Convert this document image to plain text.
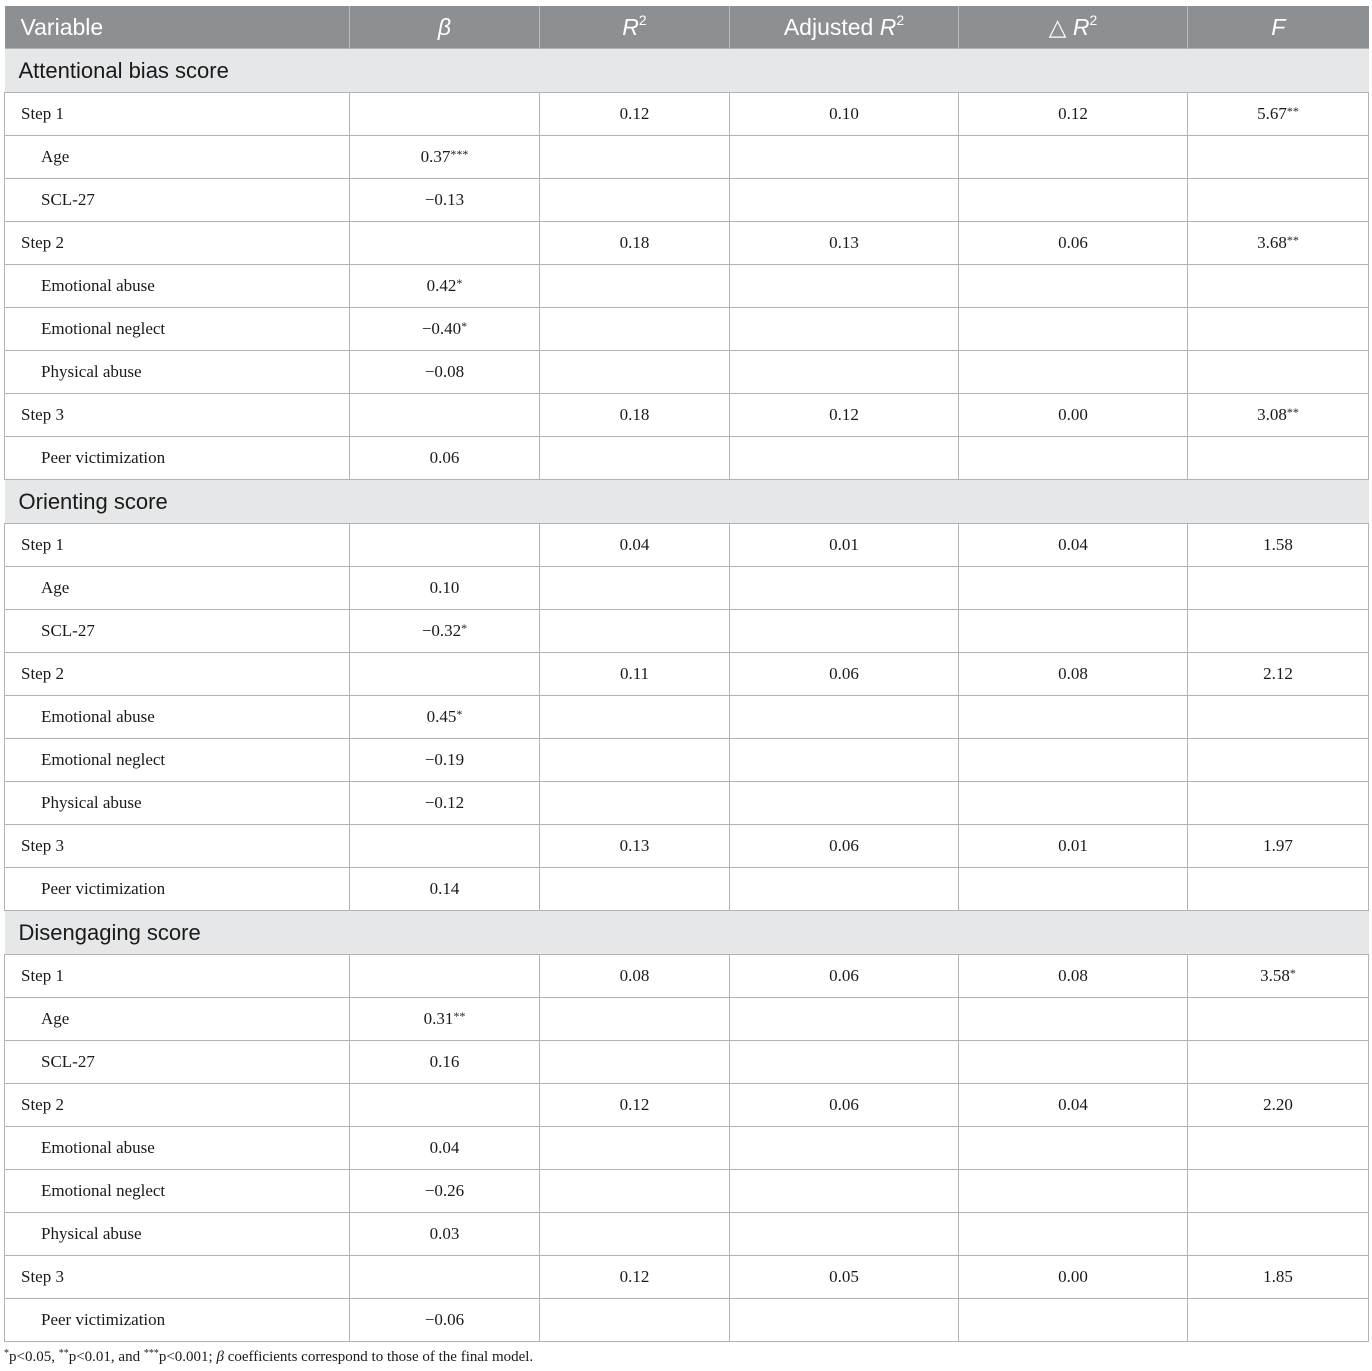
Variable	β	$R^2$	Adjusted $R^2$	△ $R^2$	F
Attentional bias score					
Step 1		0.12	0.10	0.12	5.67**
Age	0.37***				
SCL-27	−0.13				
Step 2		0.18	0.13	0.06	3.68**
Emotional abuse	0.42*				
Emotional neglect	−0.40*				
Physical abuse	−0.08				
Step 3		0.18	0.12	0.00	3.08**
Peer victimization	0.06				
Orienting score					
Step 1		0.04	0.01	0.04	1.58
Age	0.10				
SCL-27	−0.32*				
Step 2		0.11	0.06	0.08	2.12
Emotional abuse	0.45*				
Emotional neglect	−0.19				
Physical abuse	−0.12				
Step 3		0.13	0.06	0.01	1.97
Peer victimization	0.14				
Disengaging score					
Step 1		0.08	0.06	0.08	3.58*
Age	0.31**				
SCL-27	0.16				
Step 2		0.12	0.06	0.04	2.20
Emotional abuse	0.04				
Emotional neglect	−0.26				
Physical abuse	0.03				
Step 3		0.12	0.05	0.00	1.85
Peer victimization	−0.06				
*p<0.05, **p<0.01, and ***p<0.001; β coefficients correspond to those of the final model.
